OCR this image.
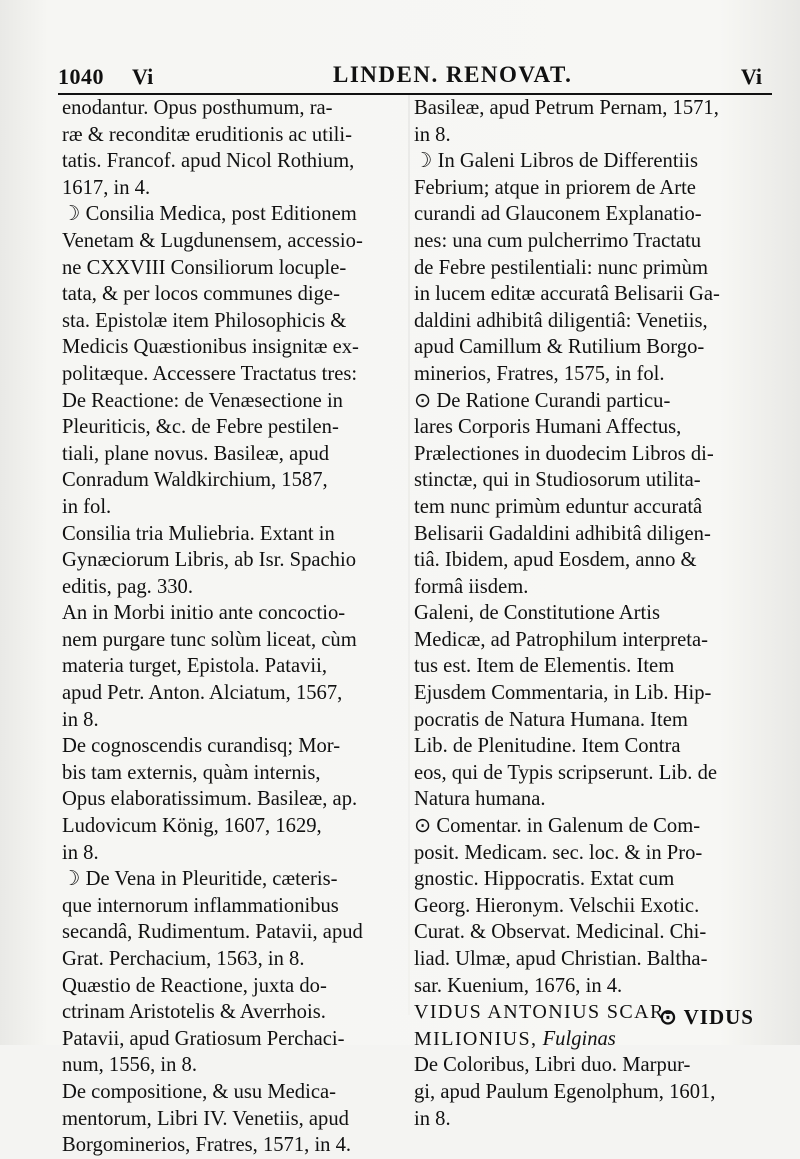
1040 Vi	LINDEN. RENOVAT.	Vi
enodantur. Opus posthumum, ra-
ræ & reconditæ eruditionis ac utili-
tatis. Francof. apud Nicol Rothium,
1617, in 4.
☽ Consilia Medica, post Editionem
Venetam & Lugdunensem, accessio-
ne CXXVIII Consiliorum locuple-
tata, & per locos communes dige-
sta. Epistolæ item Philosophicis &
Medicis Quæstionibus insignitæ ex-
politæque. Accessere Tractatus tres:
De Reactione: de Venæsectione in
Pleuriticis, &c. de Febre pestilen-
tiali, plane novus. Basileæ, apud
Conradum Waldkirchium, 1587,
in fol.
Consilia tria Muliebria. Extant in
Gynæciorum Libris, ab Isr. Spachio
editis, pag. 330.
An in Morbi initio ante concoctio-
nem purgare tunc solùm liceat, cùm
materia turget, Epistola. Patavii,
apud Petr. Anton. Alciatum, 1567,
in 8.
De cognoscendis curandisq; Mor-
bis tam externis, quàm internis,
Opus elaboratissimum. Basileæ, ap.
Ludovicum König, 1607, 1629,
in 8.
☽ De Vena in Pleuritide, cæteris-
que internorum inflammationibus
secandâ, Rudimentum. Patavii, apud
Grat. Perchacium, 1563, in 8.
Quæstio de Reactione, juxta do-
ctrinam Aristotelis & Averrhois.
Patavii, apud Gratiosum Perchaci-
num, 1556, in 8.
De compositione, & usu Medica-
mentorum, Libri IV. Venetiis, apud
Borgominerios, Fratres, 1571, in 4.
Basileæ, apud Petrum Pernam, 1571,
in 8.
☽ In Galeni Libros de Differentiis
Febrium; atque in priorem de Arte
curandi ad Glauconem Explanatio-
nes: una cum pulcherrimo Tractatu
de Febre pestilentiali: nunc primùm
in lucem editæ accuratâ Belisarii Ga-
daldini adhibitâ diligentiâ: Venetiis,
apud Camillum & Rutilium Borgo-
minerios, Fratres, 1575, in fol.
⊙ De Ratione Curandi particu-
lares Corporis Humani Affectus,
Prælectiones in duodecim Libros di-
stinctæ, qui in Studiosorum utilita-
tem nunc primùm eduntur accuratâ
Belisarii Gadaldini adhibitâ diligen-
tiâ. Ibidem, apud Eosdem, anno &
formâ iisdem.
Galeni, de Constitutione Artis
Medicæ, ad Patrophilum interpreta-
tus est. Item de Elementis. Item
Ejusdem Commentaria, in Lib. Hip-
pocratis de Natura Humana. Item
Lib. de Plenitudine. Item Contra
eos, qui de Typis scripserunt. Lib. de
Natura humana.
⊙ Comentar. in Galenum de Com-
posit. Medicam. sec. loc. & in Pro-
gnostic. Hippocratis. Extat cum
Georg. Hieronym. Velschii Exotic.
Curat. & Observat. Medicinal. Chi-
liad. Ulmæ, apud Christian. Baltha-
sar. Kuenium, 1676, in 4.
VIDUS ANTONIUS SCAR-
MILIONIUS, Fulginas
De Coloribus, Libri duo. Marpur-
gi, apud Paulum Egenolphum, 1601,
in 8.
⊙ VIDUS
